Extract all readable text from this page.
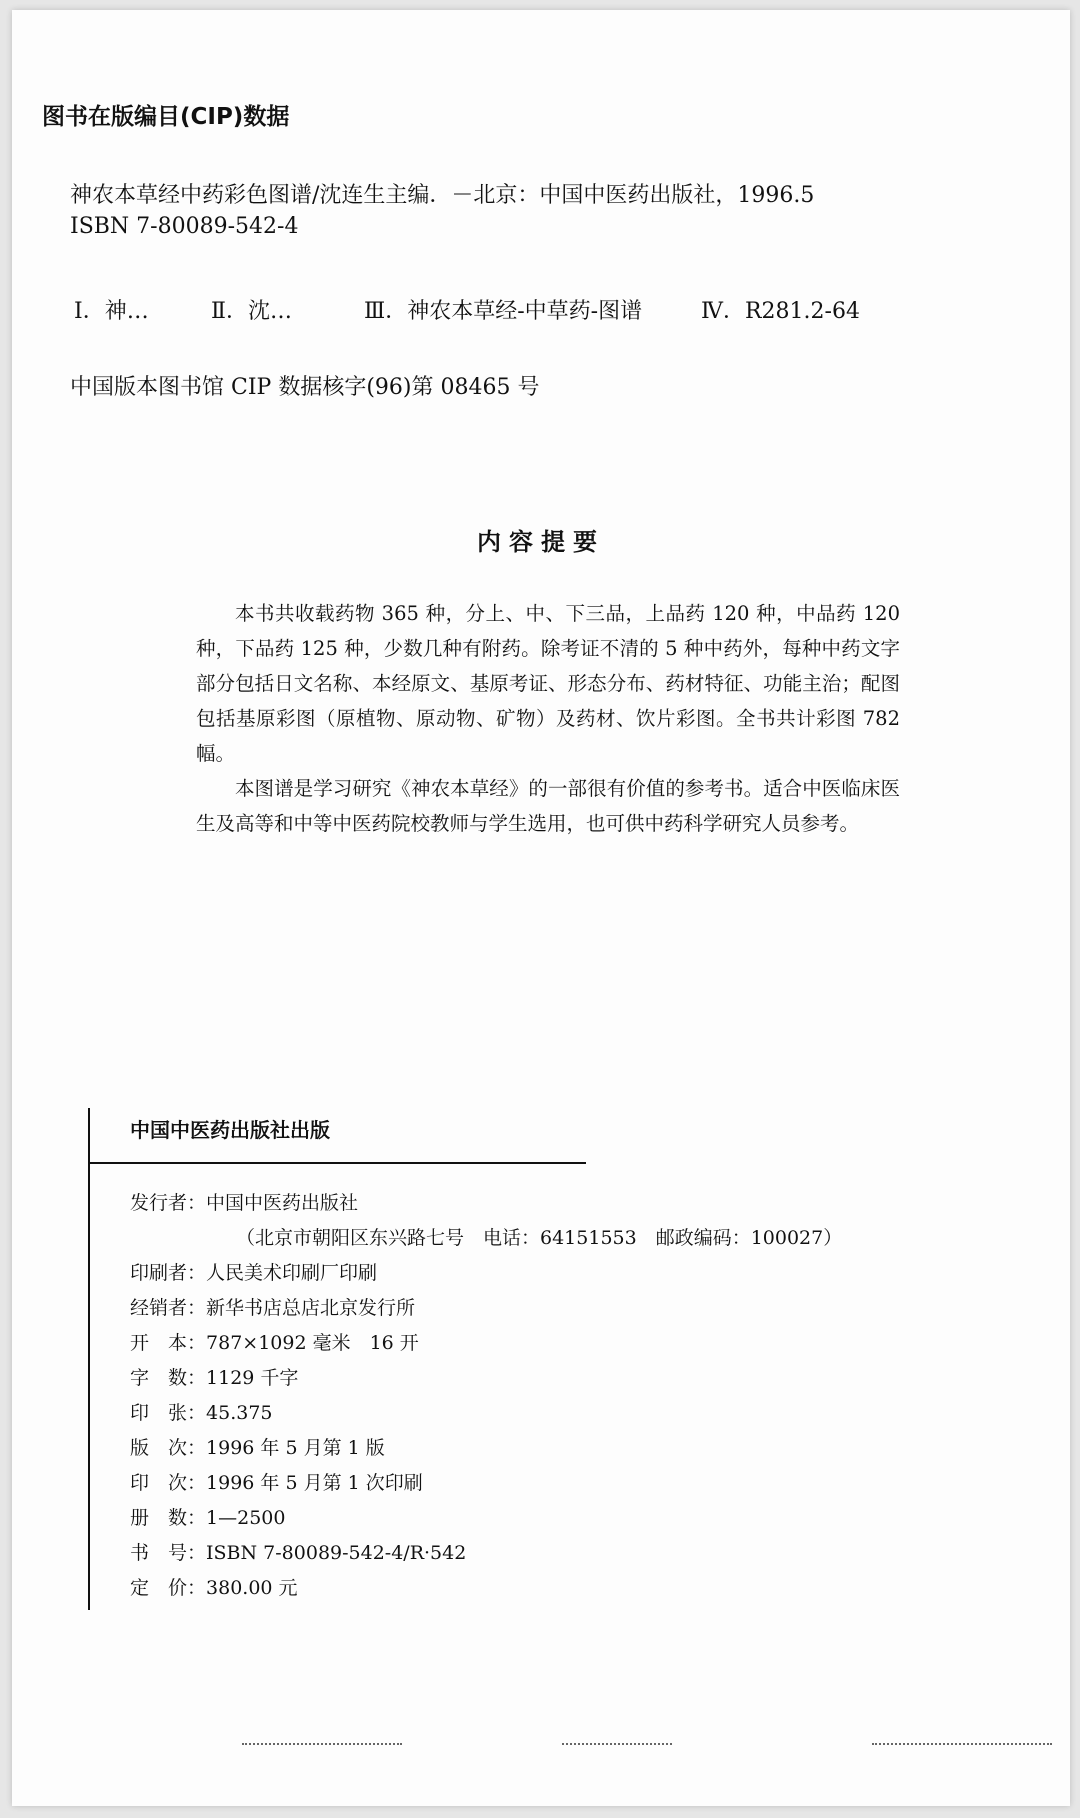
图书在版编目(CIP)数据
神农本草经中药彩色图谱/沈连生主编．－北京：中国中医药出版社，1996.5
ISBN 7-80089-542-4
Ⅰ．神…	Ⅱ．沈…	Ⅲ．神农本草经-中草药-图谱	Ⅳ．R281.2-64
中国版本图书馆 CIP 数据核字(96)第 08465 号
内容提要

本书共收载药物 365 种，分上、中、下三品，上品药 120 种，中品药 120 种，下品药 125 种，少数几种有附药。除考证不清的 5 种中药外，每种中药文字部分包括日文名称、本经原文、基原考证、形态分布、药材特征、功能主治；配图包括基原彩图（原植物、原动物、矿物）及药材、饮片彩图。全书共计彩图 782 幅。

本图谱是学习研究《神农本草经》的一部很有价值的参考书。适合中医临床医生及高等和中等中医药院校教师与学生选用，也可供中药科学研究人员参考。

中国中医药出版社出版
发行者：中国中医药出版社
（北京市朝阳区东兴路七号　电话：64151553　邮政编码：100027）
印刷者：人民美术印刷厂印刷
经销者：新华书店总店北京发行所
开　本：787×1092 毫米　16 开
字　数：1129 千字
印　张：45.375
版　次：1996 年 5 月第 1 版
印　次：1996 年 5 月第 1 次印刷
册　数：1—2500
书　号：ISBN 7-80089-542-4/R·542
定　价：380.00 元
